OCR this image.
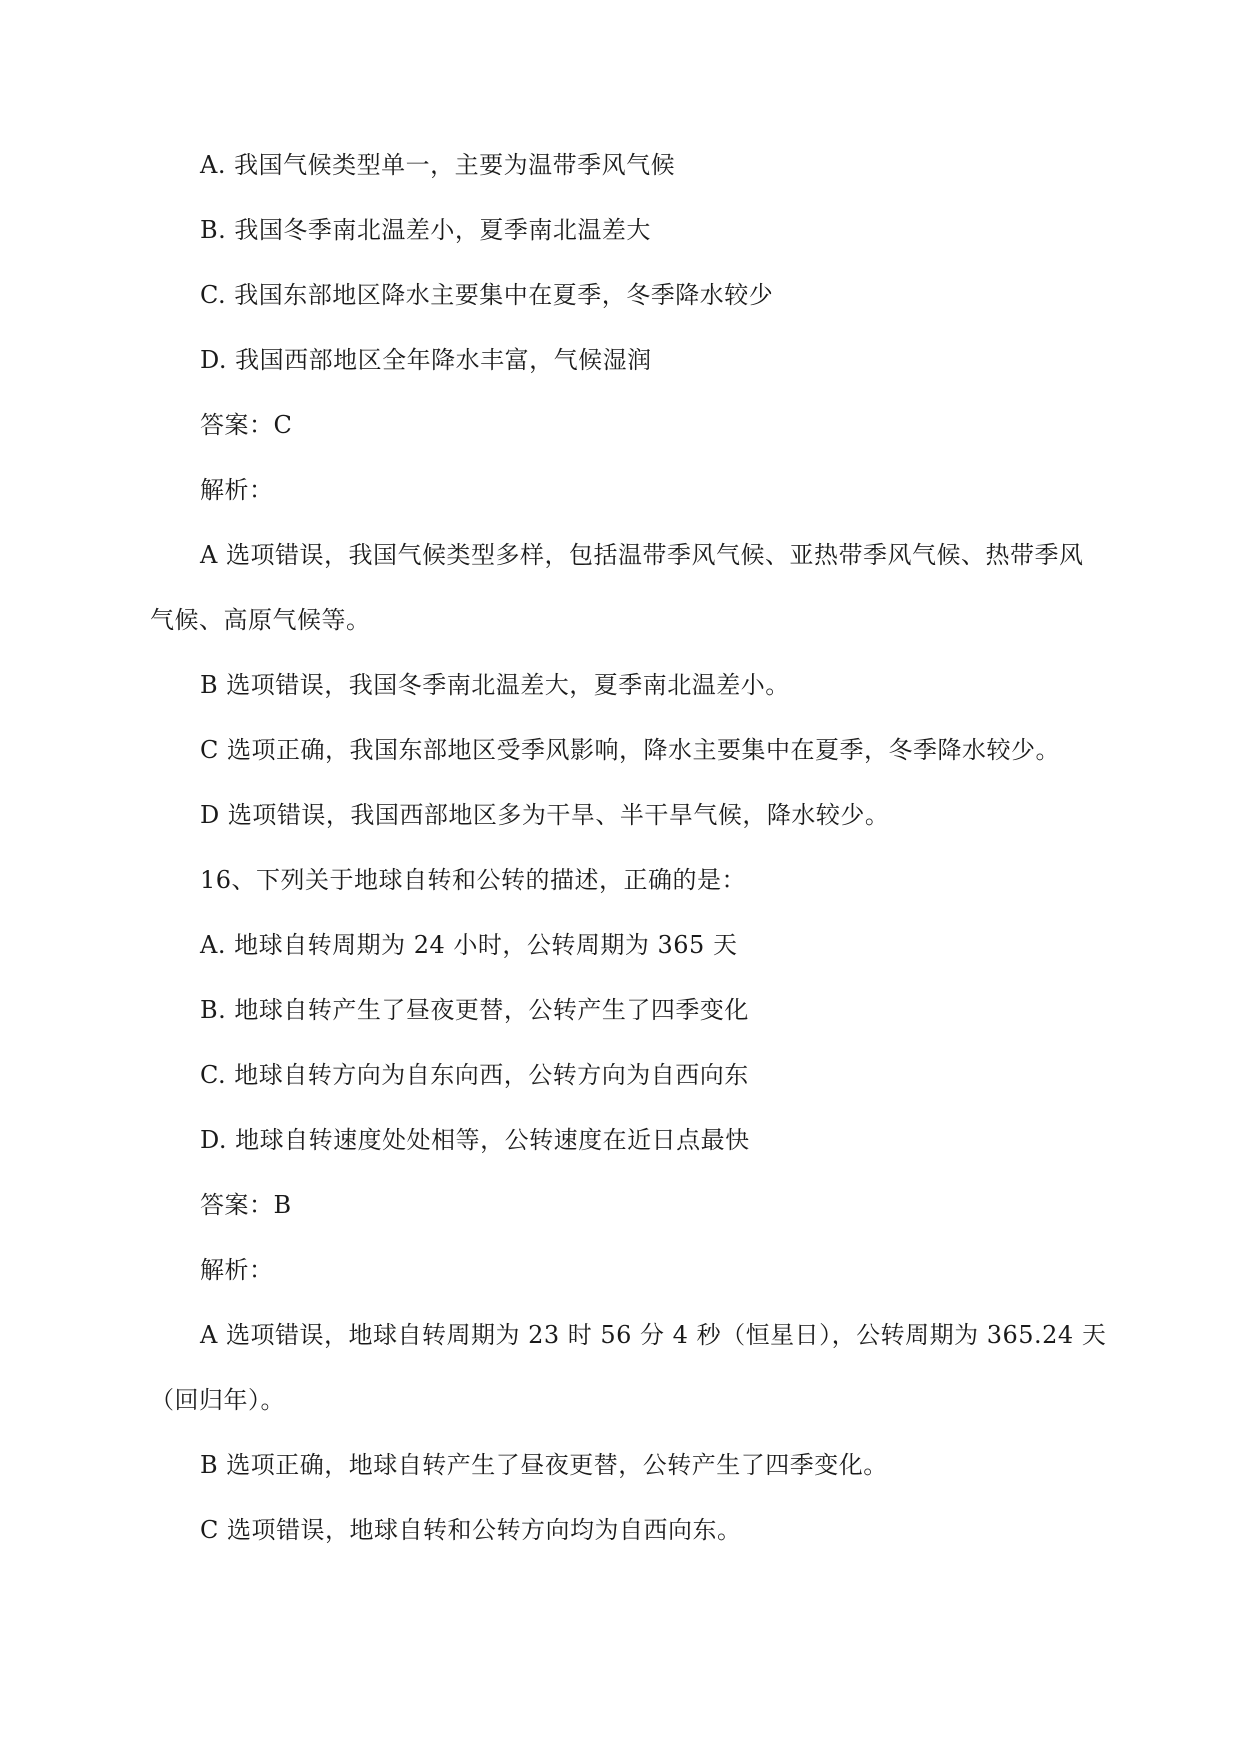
A. 我国气候类型单一，主要为温带季风气候
B. 我国冬季南北温差小，夏季南北温差大
C. 我国东部地区降水主要集中在夏季，冬季降水较少
D. 我国西部地区全年降水丰富，气候湿润
答案：C
解析：
A 选项错误，我国气候类型多样，包括温带季风气候、亚热带季风气候、热带季风
气候、高原气候等。
B 选项错误，我国冬季南北温差大，夏季南北温差小。
C 选项正确，我国东部地区受季风影响，降水主要集中在夏季，冬季降水较少。
D 选项错误，我国西部地区多为干旱、半干旱气候，降水较少。
16、下列关于地球自转和公转的描述，正确的是：
A. 地球自转周期为 24 小时，公转周期为 365 天
B. 地球自转产生了昼夜更替，公转产生了四季变化
C. 地球自转方向为自东向西，公转方向为自西向东
D. 地球自转速度处处相等，公转速度在近日点最快
答案：B
解析：
A 选项错误，地球自转周期为 23 时 56 分 4 秒（恒星日），公转周期为 365.24 天
（回归年）。
B 选项正确，地球自转产生了昼夜更替，公转产生了四季变化。
C 选项错误，地球自转和公转方向均为自西向东。
